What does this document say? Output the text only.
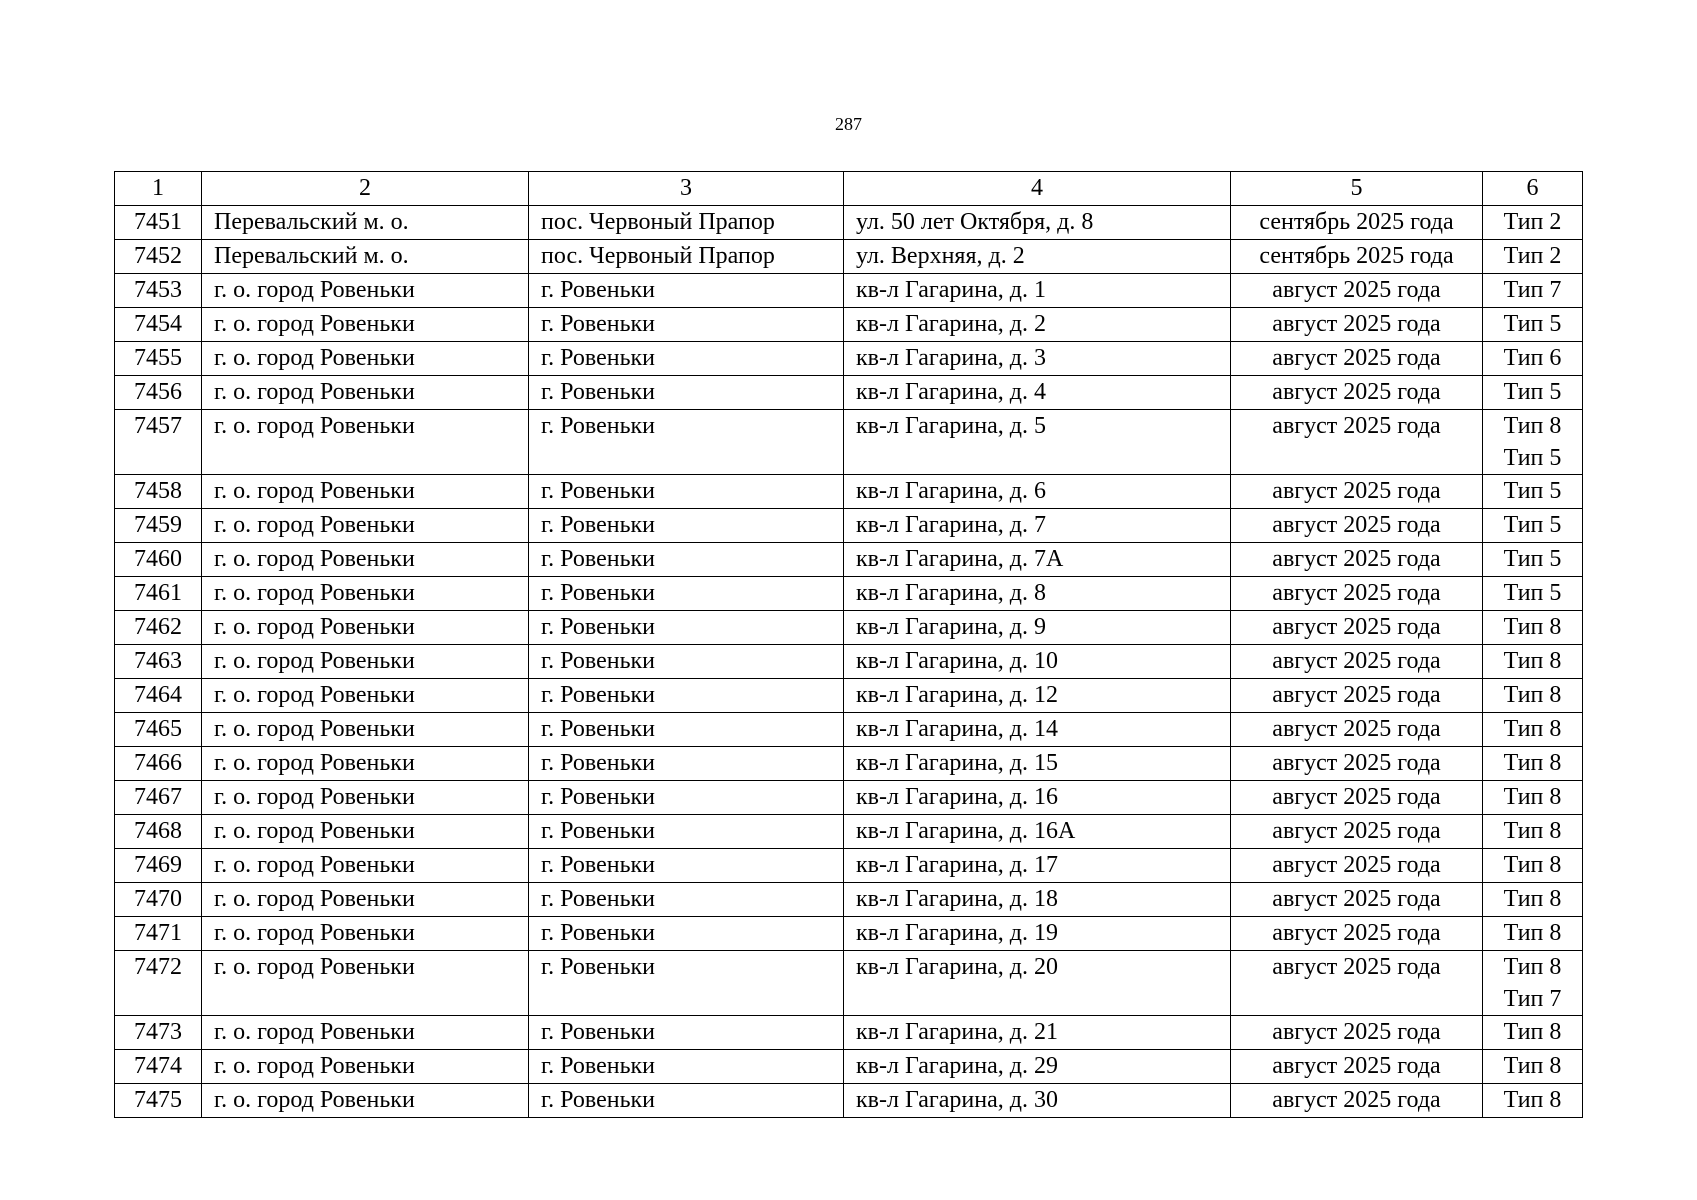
287
1	2	3	4	5	6
7451	Перевальский м. о.	пос. Червоный Прапор	ул. 50 лет Октября, д. 8	сентябрь 2025 года	Тип 2

7452	Перевальский м. о.	пос. Червоный Прапор	ул. Верхняя, д. 2	сентябрь 2025 года	Тип 2

7453	г. о. город Ровеньки	г. Ровеньки	кв-л Гагарина, д. 1	август 2025 года	Тип 7

7454	г. о. город Ровеньки	г. Ровеньки	кв-л Гагарина, д. 2	август 2025 года	Тип 5

7455	г. о. город Ровеньки	г. Ровеньки	кв-л Гагарина, д. 3	август 2025 года	Тип 6

7456	г. о. город Ровеньки	г. Ровеньки	кв-л Гагарина, д. 4	август 2025 года	Тип 5

7457	г. о. город Ровеньки	г. Ровеньки	кв-л Гагарина, д. 5	август 2025 года	Тип 8
Тип 5

7458	г. о. город Ровеньки	г. Ровеньки	кв-л Гагарина, д. 6	август 2025 года	Тип 5

7459	г. о. город Ровеньки	г. Ровеньки	кв-л Гагарина, д. 7	август 2025 года	Тип 5

7460	г. о. город Ровеньки	г. Ровеньки	кв-л Гагарина, д. 7А	август 2025 года	Тип 5

7461	г. о. город Ровеньки	г. Ровеньки	кв-л Гагарина, д. 8	август 2025 года	Тип 5

7462	г. о. город Ровеньки	г. Ровеньки	кв-л Гагарина, д. 9	август 2025 года	Тип 8

7463	г. о. город Ровеньки	г. Ровеньки	кв-л Гагарина, д. 10	август 2025 года	Тип 8

7464	г. о. город Ровеньки	г. Ровеньки	кв-л Гагарина, д. 12	август 2025 года	Тип 8

7465	г. о. город Ровеньки	г. Ровеньки	кв-л Гагарина, д. 14	август 2025 года	Тип 8

7466	г. о. город Ровеньки	г. Ровеньки	кв-л Гагарина, д. 15	август 2025 года	Тип 8

7467	г. о. город Ровеньки	г. Ровеньки	кв-л Гагарина, д. 16	август 2025 года	Тип 8

7468	г. о. город Ровеньки	г. Ровеньки	кв-л Гагарина, д. 16А	август 2025 года	Тип 8

7469	г. о. город Ровеньки	г. Ровеньки	кв-л Гагарина, д. 17	август 2025 года	Тип 8

7470	г. о. город Ровеньки	г. Ровеньки	кв-л Гагарина, д. 18	август 2025 года	Тип 8

7471	г. о. город Ровеньки	г. Ровеньки	кв-л Гагарина, д. 19	август 2025 года	Тип 8

7472	г. о. город Ровеньки	г. Ровеньки	кв-л Гагарина, д. 20	август 2025 года	Тип 8
Тип 7

7473	г. о. город Ровеньки	г. Ровеньки	кв-л Гагарина, д. 21	август 2025 года	Тип 8

7474	г. о. город Ровеньки	г. Ровеньки	кв-л Гагарина, д. 29	август 2025 года	Тип 8

7475	г. о. город Ровеньки	г. Ровеньки	кв-л Гагарина, д. 30	август 2025 года	Тип 8
